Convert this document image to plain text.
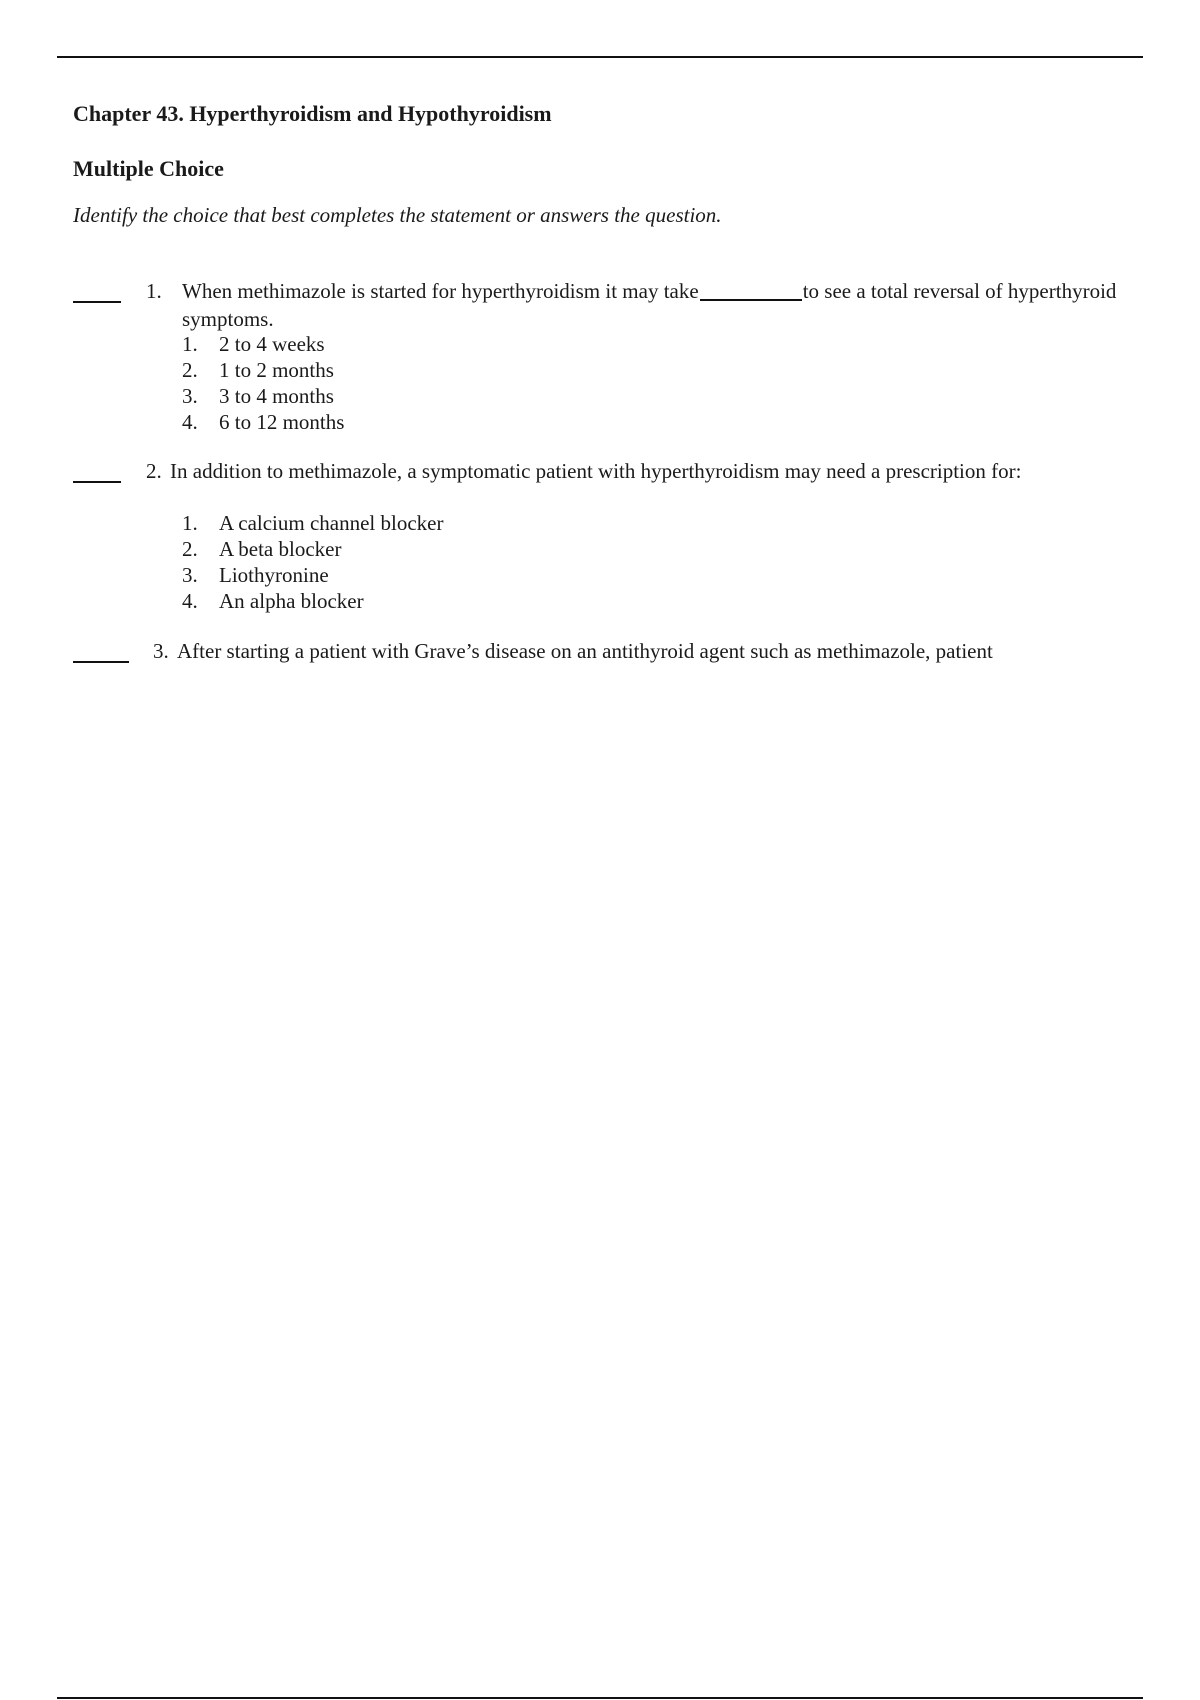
Chapter 43. Hyperthyroidism and Hypothyroidism
Multiple Choice
Identify the choice that best completes the statement or answers the question.
1. When methimazole is started for hyperthyroidism it may take	to see a total reversal of hyperthyroid symptoms.
1. 2 to 4 weeks
2. 1 to 2 months
3. 3 to 4 months
4. 6 to 12 months
2. In addition to methimazole, a symptomatic patient with hyperthyroidism may need a prescription for:
1. A calcium channel blocker
2. A beta blocker
3. Liothyronine
4. An alpha blocker
3. After starting a patient with Grave’s disease on an antithyroid agent such as methimazole, patient
